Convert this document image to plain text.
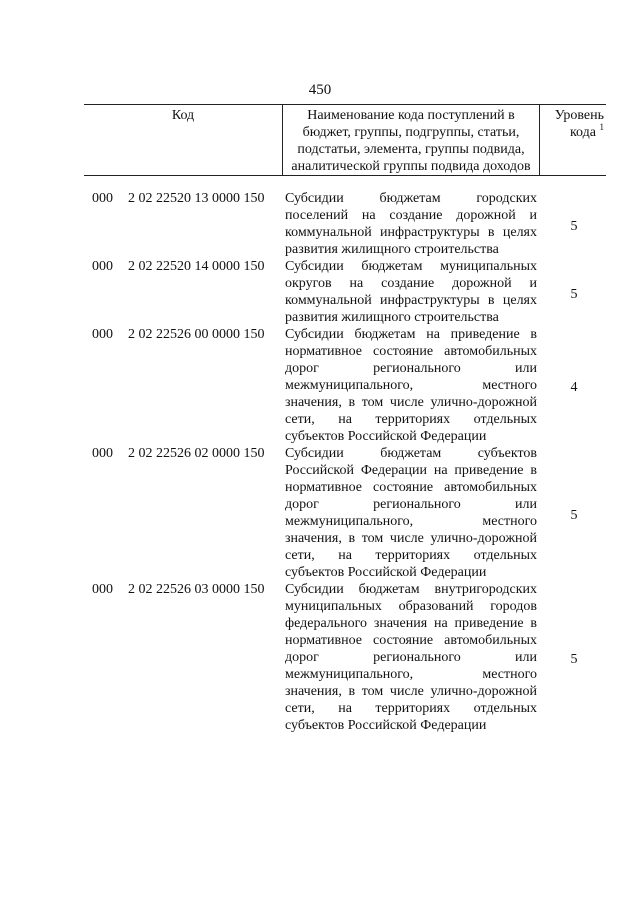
450
Код	Наименование кода поступлений в
бюджет, группы, подгруппы, статьи,
подстатьи, элемента, группы подвида,
аналитической группы подвида доходов
Уровень
кода $^1$
000 2 02 22520 13 0000 150 Субсидии бюджетам городских
поселений на создание дорожной и
коммунальной инфраструктуры в целях
развития жилищного строительства
5
000 2 02 22520 14 0000 150 Субсидии бюджетам муниципальных
округов на создание дорожной и
коммунальной инфраструктуры в целях
развития жилищного строительства
5
000 2 02 22526 00 0000 150 Субсидии бюджетам на приведение в
нормативное состояние автомобильных
дорог регионального или
межмуниципального, местного
значения, в том числе улично-дорожной
сети, на территориях отдельных
субъектов Российской Федерации
4
000 2 02 22526 02 0000 150 Субсидии бюджетам субъектов
Российской Федерации на приведение в
нормативное состояние автомобильных
дорог регионального или
межмуниципального, местного
значения, в том числе улично-дорожной
сети, на территориях отдельных
субъектов Российской Федерации
5
000 2 02 22526 03 0000 150 Субсидии бюджетам внутригородских
муниципальных образований городов
федерального значения на приведение в
нормативное состояние автомобильных
дорог регионального или
межмуниципального, местного
значения, в том числе улично-дорожной
сети, на территориях отдельных
субъектов Российской Федерации
5
